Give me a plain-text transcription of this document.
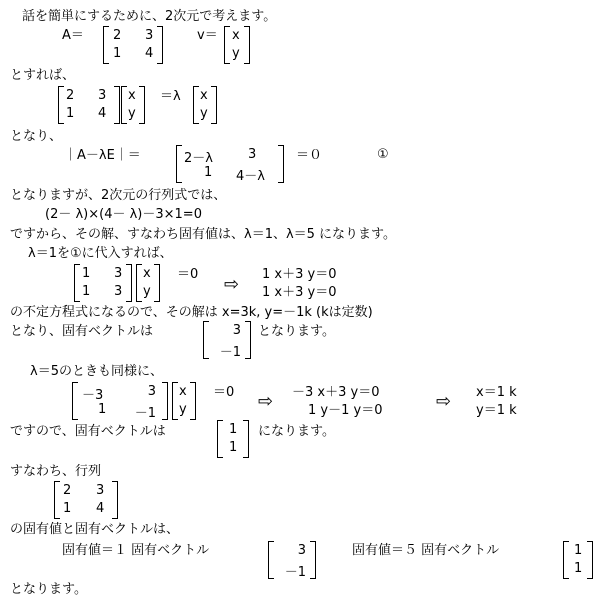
話を簡単にするために、2次元で考えます。
A＝ 2 3
1 4
v＝ x
y
とすれば、
2 3
1 4
x
y
＝λ x
y
となり、
｜A－λE｜＝	2－λ	3
1 4－λ
＝０	①
となりますが、2次元の行列式では、
(2－ λ)×(4－ λ)－3×1=0
ですから、その解、すなわち固有値は、λ＝1、λ＝5 になります。
λ＝1を①に代入すれば、
1 3
1 3
x
y
＝0 ⇨ 1 x＋3 y＝0
1 x＋3 y＝0
の不定方程式になるので、その解は x=3k, y=－1k (kは定数)
となり、固有ベクトルは	3
－1
となります。
λ＝5のときも同様に、
－3	3
1 －1
x
y
＝0 ⇨ －3 x＋3 y＝0
1 y－1 y＝0	⇨ x＝1 k
y＝1 k
ですので、固有ベクトルは	1
1
になります。
すなわち、行列
2 3
1 4
の固有値と固有ベクトルは、
固有値＝１ 固有ベクトル	3
－1
固有値＝５ 固有ベクトル	1
1
となります。
